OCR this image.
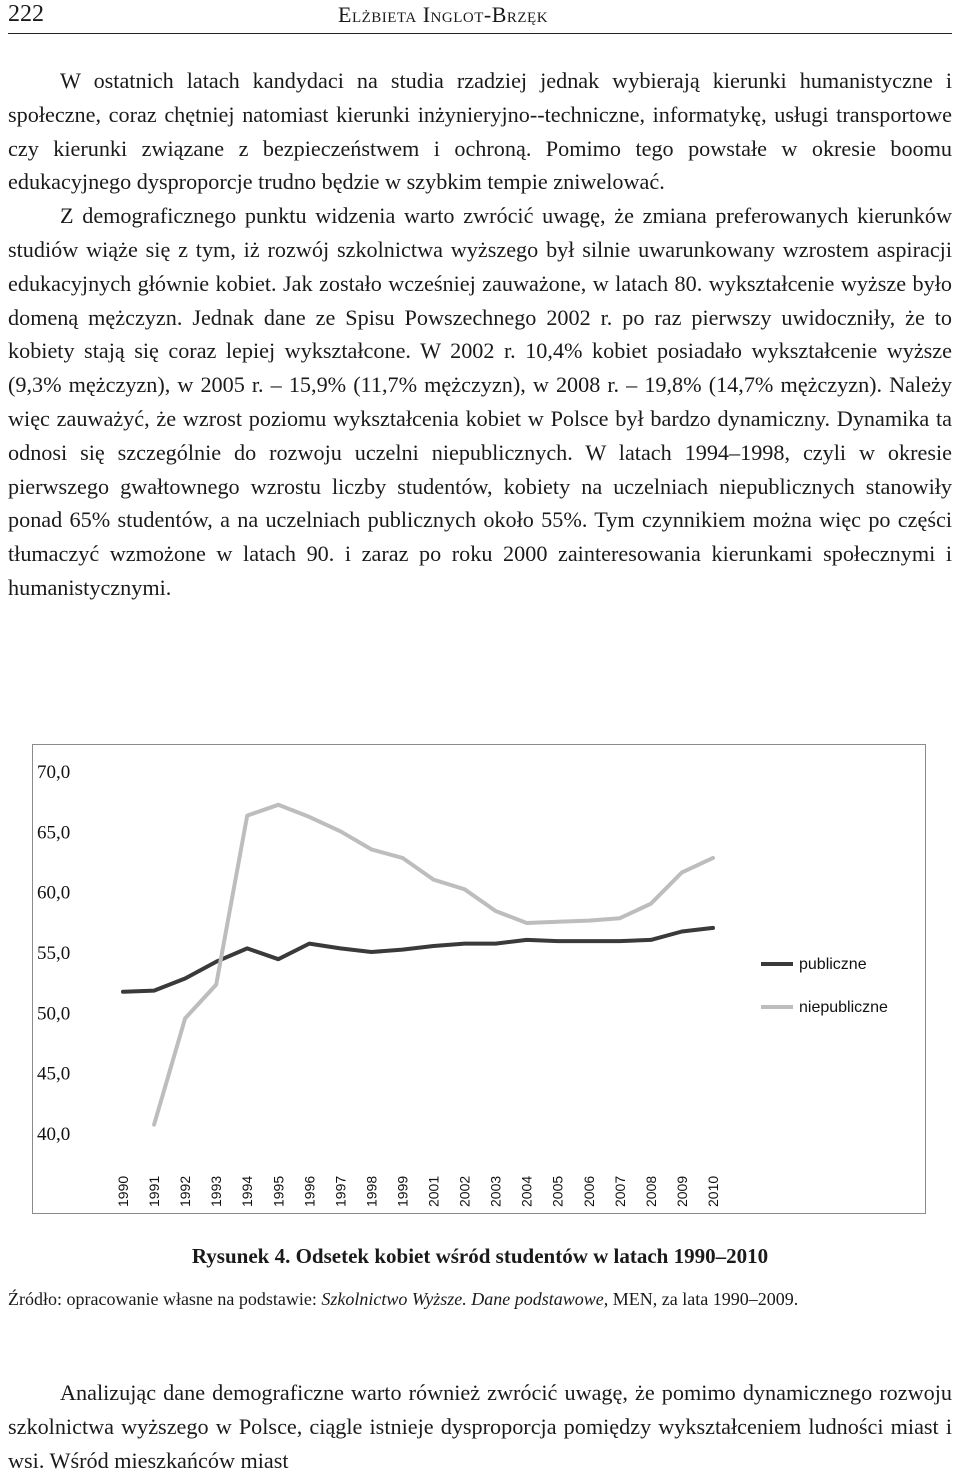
222	Elżbieta Inglot-Brzęk

W ostatnich latach kandydaci na studia rzadziej jednak wybierają kierunki humanistyczne i społeczne, coraz chętniej natomiast kierunki inżynieryjno--techniczne, informatykę, usługi transportowe czy kierunki związane z bezpieczeństwem i ochroną. Pomimo tego powstałe w okresie boomu edukacyjnego dysproporcje trudno będzie w szybkim tempie zniwelować.

Z demograficznego punktu widzenia warto zwrócić uwagę, że zmiana preferowanych kierunków studiów wiąże się z tym, iż rozwój szkolnictwa wyższego był silnie uwarunkowany wzrostem aspiracji edukacyjnych głównie kobiet. Jak zostało wcześniej zauważone, w latach 80. wykształcenie wyższe było domeną mężczyzn. Jednak dane ze Spisu Powszechnego 2002 r. po raz pierwszy uwidoczniły, że to kobiety stają się coraz lepiej wykształcone. W 2002 r. 10,4% kobiet posiadało wykształcenie wyższe (9,3% mężczyzn), w 2005 r. – 15,9% (11,7% mężczyzn), w 2008 r. – 19,8% (14,7% mężczyzn). Należy więc zauważyć, że wzrost poziomu wykształcenia kobiet w Polsce był bardzo dynamiczny. Dynamika ta odnosi się szczególnie do rozwoju uczelni niepublicznych. W latach 1994–1998, czyli w okresie pierwszego gwałtownego wzrostu liczby studentów, kobiety na uczelniach niepublicznych stanowiły ponad 65% studentów, a na uczelniach publicznych około 55%. Tym czynnikiem można więc po części tłumaczyć wzmożone w latach 90. i zaraz po roku 2000 zainteresowania kierunkami społecznymi i humanistycznymi.

70,0
65,0
60,0
55,0
50,0
45,0
40,0
1990 1991 1992 1993 1994 1995 1996 1997 1998 1999 2001 2002 2003 2004 2005 2006 2007 2008 2009 2010
publiczne
niepubliczne
Rysunek 4. Odsetek kobiet wśród studentów w latach 1990–2010
Źródło: opracowanie własne na podstawie: Szkolnictwo Wyższe. Dane podstawowe, MEN, za lata 1990–2009.

Analizując dane demograficzne warto również zwrócić uwagę, że pomimo dynamicznego rozwoju szkolnictwa wyższego w Polsce, ciągle istnieje dysproporcja pomiędzy wykształceniem ludności miast i wsi. Wśród mieszkańców miast
